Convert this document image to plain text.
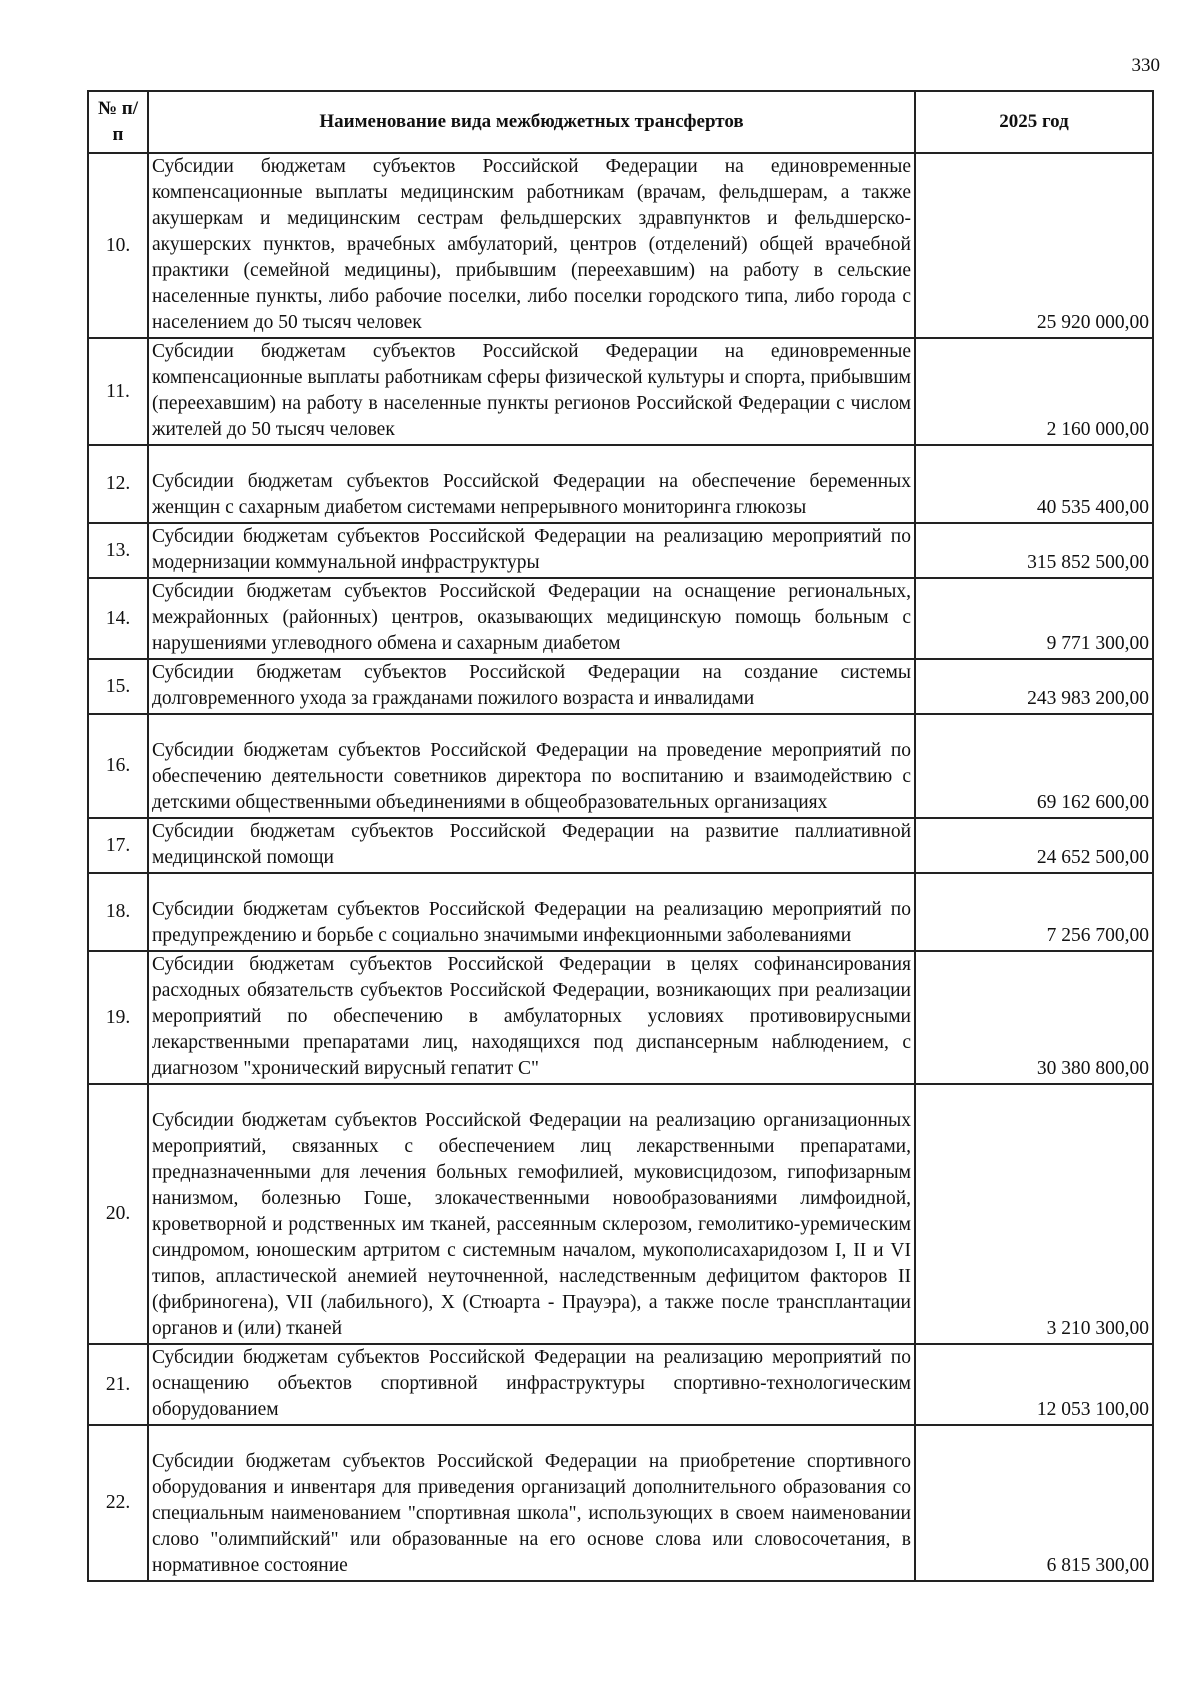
330
№ п/п	Наименование вида межбюджетных трансфертов	2025 год
10.	Субсидии бюджетам субъектов Российской Федерации на единовременные компенсационные выплаты медицинским работникам (врачам, фельдшерам, а также акушеркам и медицинским сестрам фельдшерских здравпунктов и фельдшерско-акушерских пунктов, врачебных амбулаторий, центров (отделений) общей врачебной практики (семейной медицины), прибывшим (переехавшим) на работу в сельские населенные пункты, либо рабочие поселки, либо поселки городского типа, либо города с населением до 50 тысяч человек	25 920 000,00
11.	Субсидии бюджетам субъектов Российской Федерации на единовременные компенсационные выплаты работникам сферы физической культуры и спорта, прибывшим (переехавшим) на работу в населенные пункты регионов Российской Федерации с числом жителей до 50 тысяч человек	2 160 000,00
12.	Субсидии бюджетам субъектов Российской Федерации на обеспечение беременных женщин с сахарным диабетом системами непрерывного мониторинга глюкозы	40 535 400,00
13.	Субсидии бюджетам субъектов Российской Федерации на реализацию мероприятий по модернизации коммунальной инфраструктуры	315 852 500,00
14.	Субсидии бюджетам субъектов Российской Федерации на оснащение региональных, межрайонных (районных) центров, оказывающих медицинскую помощь больным с нарушениями углеводного обмена и сахарным диабетом	9 771 300,00
15.	Субсидии бюджетам субъектов Российской Федерации на создание системы долговременного ухода за гражданами пожилого возраста и инвалидами	243 983 200,00
16.	Субсидии бюджетам субъектов Российской Федерации на проведение мероприятий по обеспечению деятельности советников директора по воспитанию и взаимодействию с детскими общественными объединениями в общеобразовательных организациях	69 162 600,00
17.	Субсидии бюджетам субъектов Российской Федерации на развитие паллиативной медицинской помощи	24 652 500,00
18.	Субсидии бюджетам субъектов Российской Федерации на реализацию мероприятий по предупреждению и борьбе с социально значимыми инфекционными заболеваниями	7 256 700,00
19.	Субсидии бюджетам субъектов Российской Федерации в целях софинансирования расходных обязательств субъектов Российской Федерации, возникающих при реализации мероприятий по обеспечению в амбулаторных условиях противовирусными лекарственными препаратами лиц, находящихся под диспансерным наблюдением, с диагнозом "хронический вирусный гепатит С"	30 380 800,00
20.	Субсидии бюджетам субъектов Российской Федерации на реализацию организационных мероприятий, связанных с обеспечением лиц лекарственными препаратами, предназначенными для лечения больных гемофилией, муковисцидозом, гипофизарным нанизмом, болезнью Гоше, злокачественными новообразованиями лимфоидной, кроветворной и родственных им тканей, рассеянным склерозом, гемолитико-уремическим синдромом, юношеским артритом с системным началом, мукополисахаридозом I, II и VI типов, апластической анемией неуточненной, наследственным дефицитом факторов II (фибриногена), VII (лабильного), X (Стюарта - Прауэра), а также после трансплантации органов и (или) тканей	3 210 300,00
21.	Субсидии бюджетам субъектов Российской Федерации на реализацию мероприятий по оснащению объектов спортивной инфраструктуры спортивно-технологическим оборудованием	12 053 100,00
22.	Субсидии бюджетам субъектов Российской Федерации на приобретение спортивного оборудования и инвентаря для приведения организаций дополнительного образования со специальным наименованием "спортивная школа", использующих в своем наименовании слово "олимпийский" или образованные на его основе слова или словосочетания, в нормативное состояние	6 815 300,00
